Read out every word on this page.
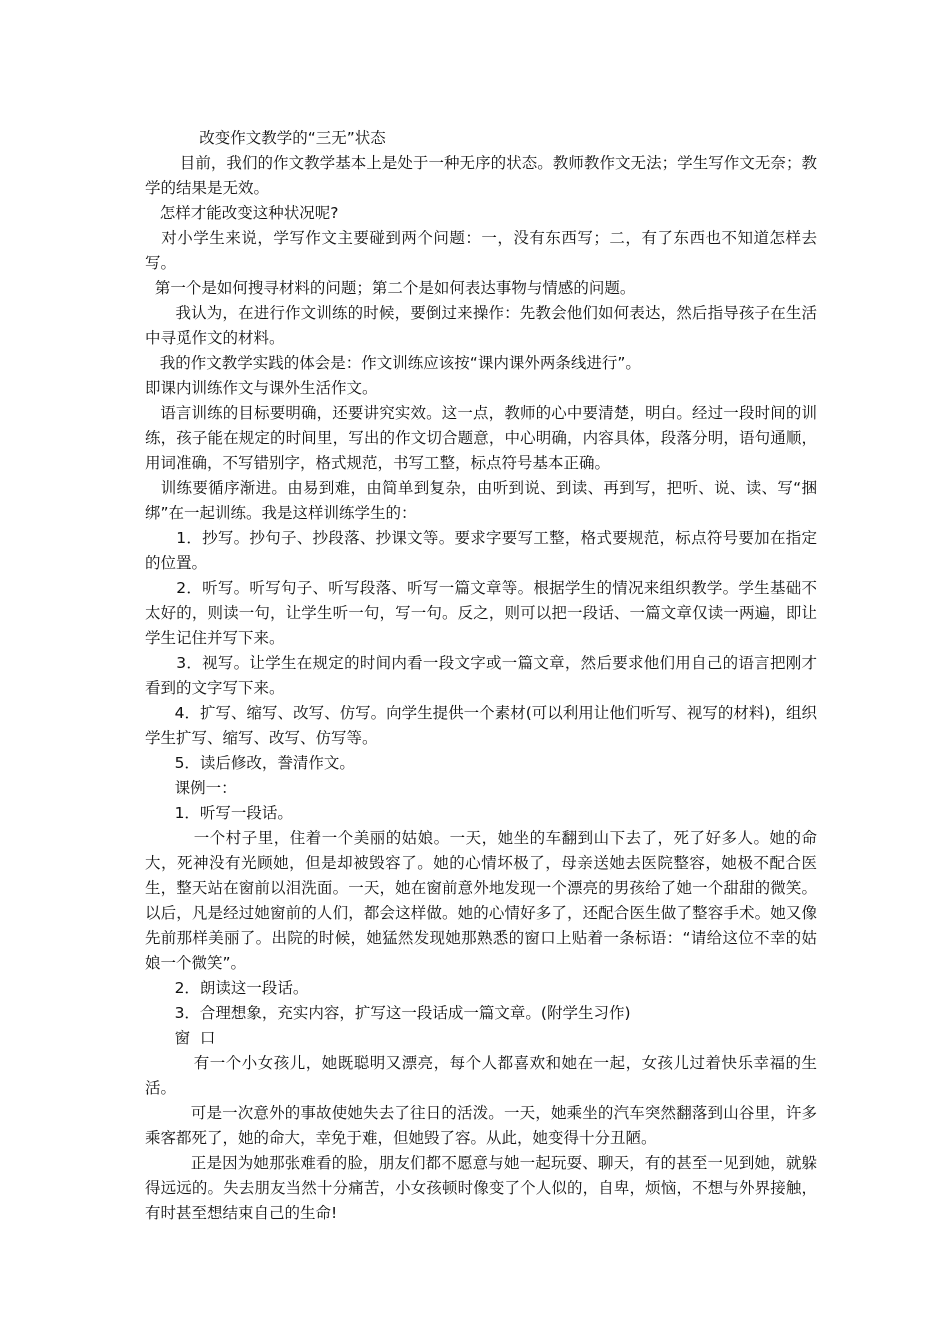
改变作文教学的“三无”状态

目前，我们的作文教学基本上是处于一种无序的状态。教师教作文无法；学生写作文无奈；教学的结果是无效。

怎样才能改变这种状况呢?

对小学生来说，学写作文主要碰到两个问题：一，没有东西写；二，有了东西也不知道怎样去写。

第一个是如何搜寻材料的问题；第二个是如何表达事物与情感的问题。

我认为，在进行作文训练的时候，要倒过来操作：先教会他们如何表达，然后指导孩子在生活中寻觅作文的材料。

我的作文教学实践的体会是：作文训练应该按“课内课外两条线进行”。

即课内训练作文与课外生活作文。

语言训练的目标要明确，还要讲究实效。这一点，教师的心中要清楚，明白。经过一段时间的训练，孩子能在规定的时间里，写出的作文切合题意，中心明确，内容具体，段落分明，语句通顺，用词准确，不写错别字，格式规范，书写工整，标点符号基本正确。

训练要循序渐进。由易到难，由简单到复杂，由听到说、到读、再到写，把听、说、读、写“捆绑”在一起训练。我是这样训练学生的：

1．抄写。抄句子、抄段落、抄课文等。要求字要写工整，格式要规范，标点符号要加在指定的位置。

2．听写。听写句子、听写段落、听写一篇文章等。根据学生的情况来组织教学。学生基础不太好的，则读一句，让学生听一句，写一句。反之，则可以把一段话、一篇文章仅读一两遍，即让学生记住并写下来。

3．视写。让学生在规定的时间内看一段文字或一篇文章，然后要求他们用自己的语言把刚才看到的文字写下来。

4．扩写、缩写、改写、仿写。向学生提供一个素材(可以利用让他们听写、视写的材料)，组织学生扩写、缩写、改写、仿写等。

5．读后修改，誊清作文。

课例一：

1．听写一段话。

一个村子里，住着一个美丽的姑娘。一天，她坐的车翻到山下去了，死了好多人。她的命大，死神没有光顾她，但是却被毁容了。她的心情坏极了，母亲送她去医院整容，她极不配合医生，整天站在窗前以泪洗面。一天，她在窗前意外地发现一个漂亮的男孩给了她一个甜甜的微笑。以后，凡是经过她窗前的人们，都会这样做。她的心情好多了，还配合医生做了整容手术。她又像先前那样美丽了。出院的时候，她猛然发现她那熟悉的窗口上贴着一条标语：“请给这位不幸的姑娘一个微笑”。

2．朗读这一段话。

3．合理想象，充实内容，扩写这一段话成一篇文章。(附学生习作)

窗  口

有一个小女孩儿，她既聪明又漂亮，每个人都喜欢和她在一起，女孩儿过着快乐幸福的生活。

可是一次意外的事故使她失去了往日的活泼。一天，她乘坐的汽车突然翻落到山谷里，许多乘客都死了，她的命大，幸免于难，但她毁了容。从此，她变得十分丑陋。

正是因为她那张难看的脸，朋友们都不愿意与她一起玩耍、聊天，有的甚至一见到她，就躲得远远的。失去朋友当然十分痛苦，小女孩顿时像变了个人似的，自卑，烦恼，不想与外界接触，有时甚至想结束自己的生命!
